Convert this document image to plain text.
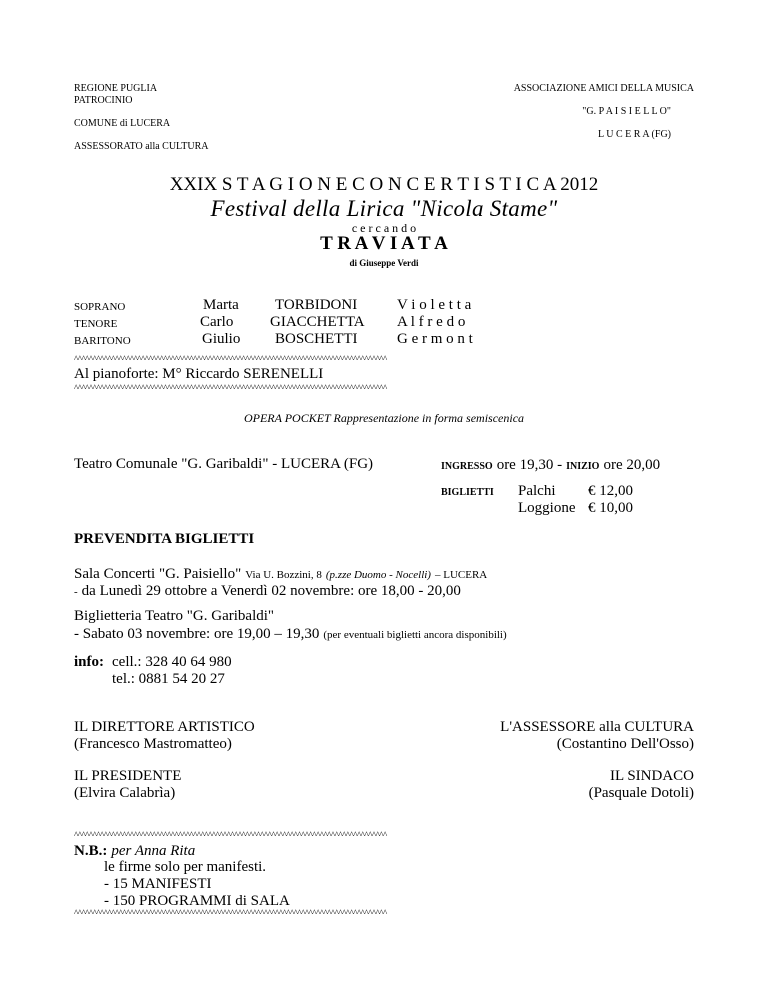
REGIONE PUGLIA
PATROCINIO
COMUNE di LUCERA
ASSESSORATO alla CULTURA
ASSOCIAZIONE AMICI DELLA MUSICA
"G. P A I S I E L L O"
L U C E R A (FG)
XXIX S T A G I O N E C O N C E R T I S T I C A 2012
Festival della Lirica "Nicola Stame"
c e r c a n d o
T R A V I A T A
di Giuseppe Verdi
SOPRANO	Marta TORBIDONI	V i o l e t t a
TENORE	Carlo GIACCHETTA A l f r e d o
BARITONO	Giulio BOSCHETTI	G e r m o n t
^^^^^^^^^^^^^^^^^^^^^^^^^^^^^^^^^^^^^^^^^^^^^^^^^^^^^^^^^^^^^^^^^^^^^^^^^^^^^^^^^^^^
Al pianoforte: M° Riccardo SERENELLI
^^^^^^^^^^^^^^^^^^^^^^^^^^^^^^^^^^^^^^^^^^^^^^^^^^^^^^^^^^^^^^^^^^^^^^^^^^^^^^^^^^^^
OPERA POCKET Rappresentazione in forma semiscenica
Teatro Comunale "G. Garibaldi" - LUCERA (FG)	INGRESSO ore 19,30 - INIZIO ore 20,00
BIGLIETTI Palchi € 12,00
Loggione € 10,00
PREVENDITA BIGLIETTI
Sala Concerti "G. Paisiello" Via U. Bozzini, 8 (p.zze Duomo - Nocelli) – LUCERA
- da Lunedì 29 ottobre a Venerdì 02 novembre: ore 18,00 - 20,00
Biglietteria Teatro "G. Garibaldi"
- Sabato 03 novembre: ore 19,00 – 19,30 (per eventuali biglietti ancora disponibili)
info: cell.: 328 40 64 980
tel.: 0881 54 20 27
IL DIRETTORE ARTISTICO
(Francesco Mastromatteo)
L'ASSESSORE alla CULTURA
(Costantino Dell'Osso)
IL PRESIDENTE
(Elvira Calabrìa)
IL SINDACO
(Pasquale Dotoli)
^^^^^^^^^^^^^^^^^^^^^^^^^^^^^^^^^^^^^^^^^^^^^^^^^^^^^^^^^^^^^^^^^^^^^^^^^^^^^^^^^^^^
N.B.: per Anna Rita
le firme solo per manifesti.
- 15 MANIFESTI
- 150 PROGRAMMI di SALA
^^^^^^^^^^^^^^^^^^^^^^^^^^^^^^^^^^^^^^^^^^^^^^^^^^^^^^^^^^^^^^^^^^^^^^^^^^^^^^^^^^^^
